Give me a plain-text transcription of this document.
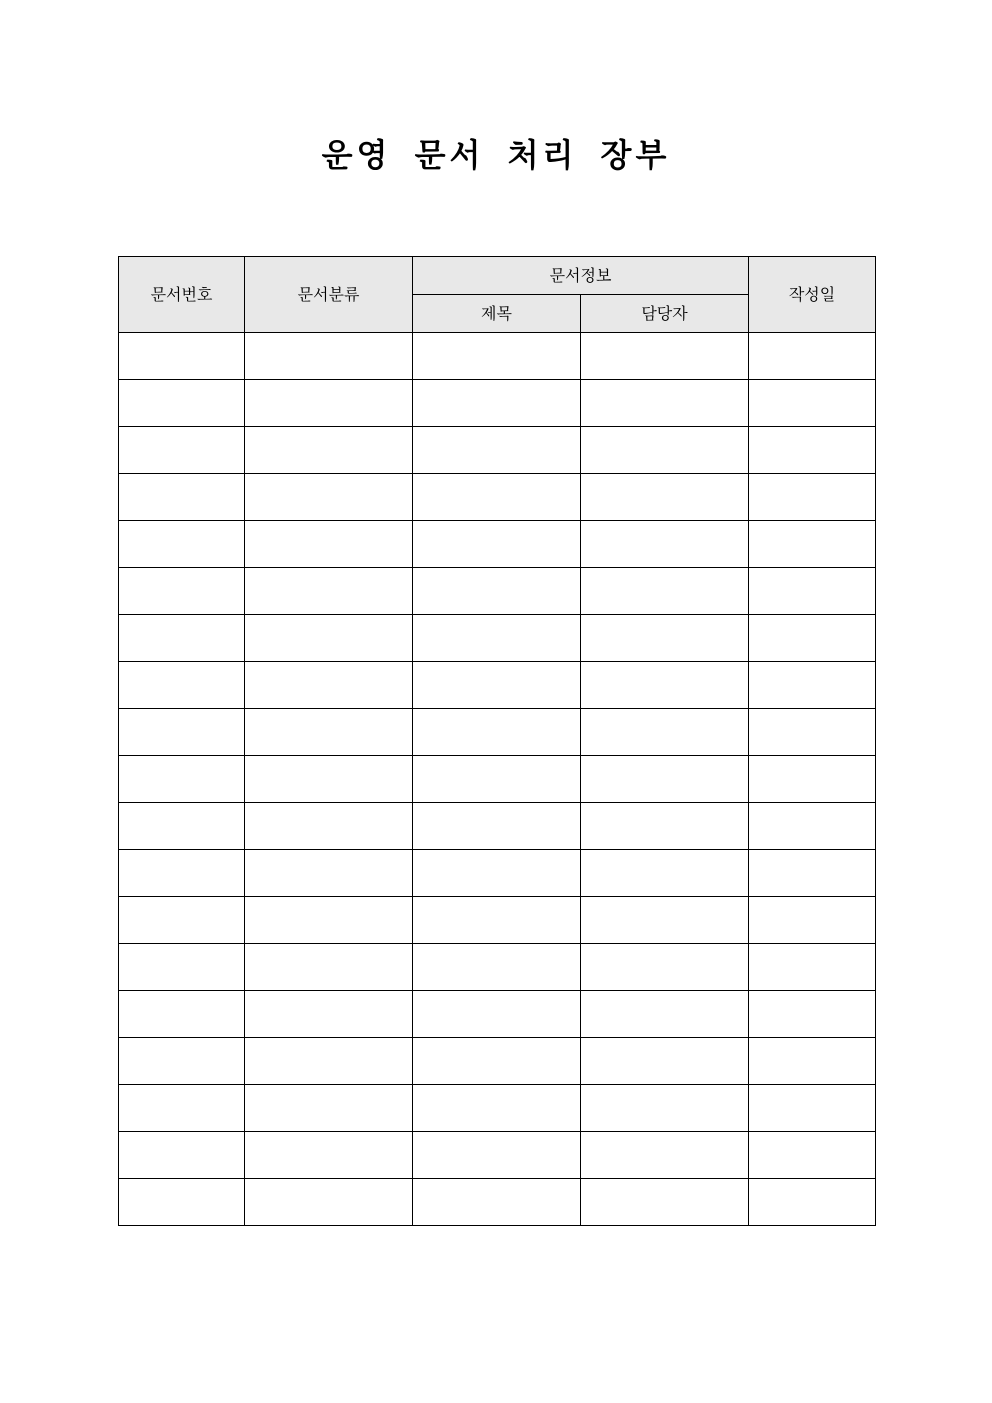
운영 문서 처리 장부
문서번호	문서분류	문서정보		작성일
		제목	담당자	
